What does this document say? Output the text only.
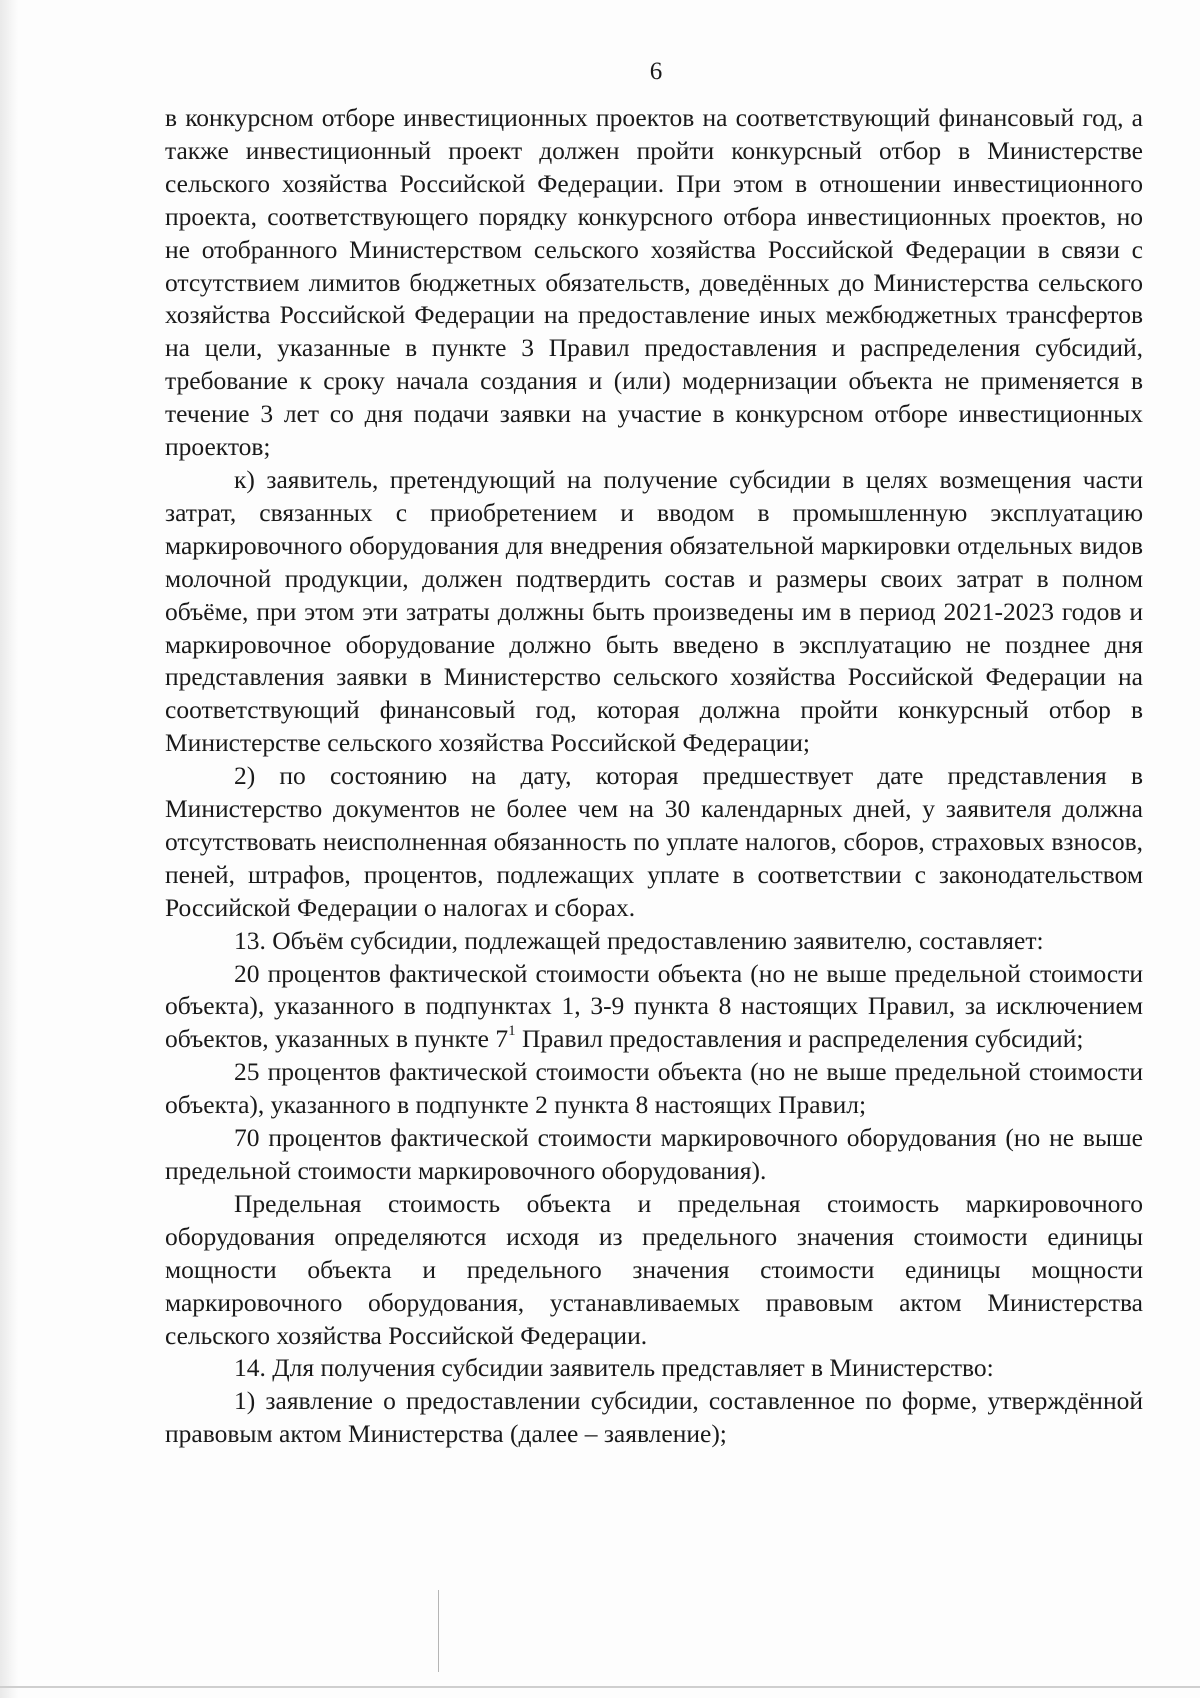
6

в конкурсном отборе инвестиционных проектов на соответствующий финансовый год, а также инвестиционный проект должен пройти конкурсный отбор в Министерстве сельского хозяйства Российской Федерации. При этом в отношении инвестиционного проекта, соответствующего порядку конкурсного отбора инвестиционных проектов, но не отобранного Министерством сельского хозяйства Российской Федерации в связи с отсутствием лимитов бюджетных обязательств, доведённых до Министерства сельского хозяйства Российской Федерации на предоставление иных межбюджетных трансфертов на цели, указанные в пункте 3 Правил предоставления и распределения субсидий, требование к сроку начала создания и (или) модернизации объекта не применяется в течение 3 лет со дня подачи заявки на участие в конкурсном отборе инвестиционных проектов;

к) заявитель, претендующий на получение субсидии в целях возмещения части затрат, связанных с приобретением и вводом в промышленную эксплуатацию маркировочного оборудования для внедрения обязательной маркировки отдельных видов молочной продукции, должен подтвердить состав и размеры своих затрат в полном объёме, при этом эти затраты должны быть произведены им в период 2021-2023 годов и маркировочное оборудование должно быть введено в эксплуатацию не позднее дня представления заявки в Министерство сельского хозяйства Российской Федерации на соответствующий финансовый год, которая должна пройти конкурсный отбор в Министерстве сельского хозяйства Российской Федерации;

2) по состоянию на дату, которая предшествует дате представления в Министерство документов не более чем на 30 календарных дней, у заявителя должна отсутствовать неисполненная обязанность по уплате налогов, сборов, страховых взносов, пеней, штрафов, процентов, подлежащих уплате в соответствии с законодательством Российской Федерации о налогах и сборах.

13. Объём субсидии, подлежащей предоставлению заявителю, составляет:

20 процентов фактической стоимости объекта (но не выше предельной стоимости объекта), указанного в подпунктах 1, 3-9 пункта 8 настоящих Правил, за исключением объектов, указанных в пункте $7^1$ Правил предоставления и распределения субсидий;

25 процентов фактической стоимости объекта (но не выше предельной стоимости объекта), указанного в подпункте 2 пункта 8 настоящих Правил;

70 процентов фактической стоимости маркировочного оборудования (но не выше предельной стоимости маркировочного оборудования).

Предельная стоимость объекта и предельная стоимость маркировочного оборудования определяются исходя из предельного значения стоимости единицы мощности объекта и предельного значения стоимости единицы мощности маркировочного оборудования, устанавливаемых правовым актом Министерства сельского хозяйства Российской Федерации.

14. Для получения субсидии заявитель представляет в Министерство:

1) заявление о предоставлении субсидии, составленное по форме, утверждённой правовым актом Министерства (далее – заявление);
